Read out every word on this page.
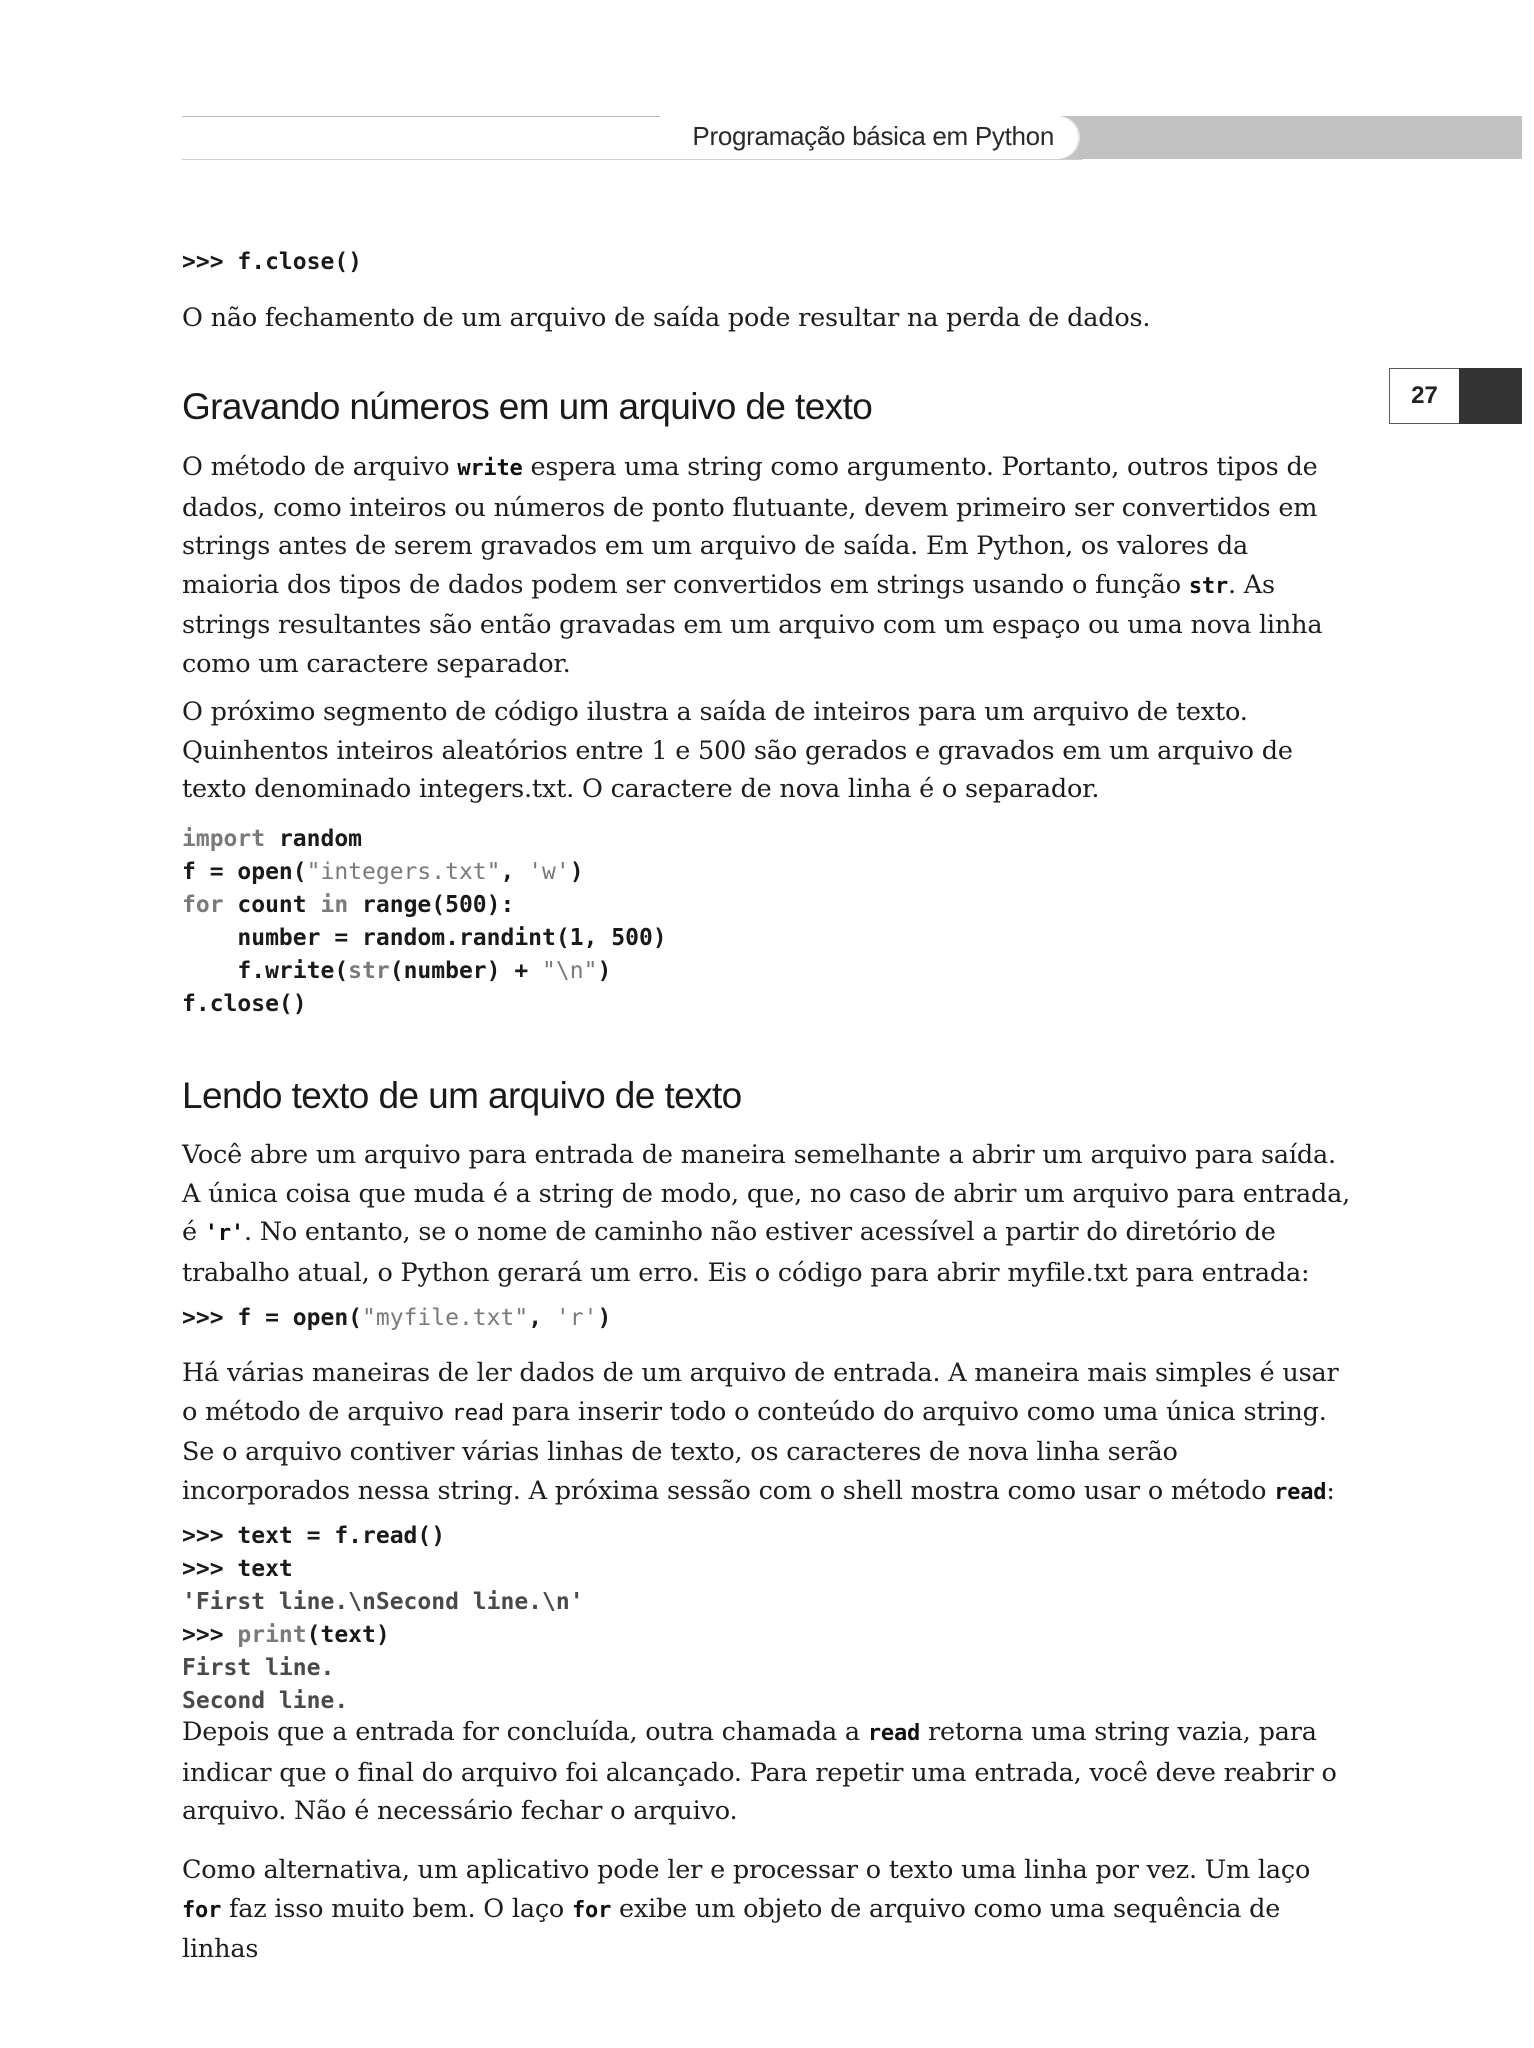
Programação básica em Python
27
>>> f.close()

O não fechamento de um arquivo de saída pode resultar na perda de dados.

Gravando números em um arquivo de texto

O método de arquivo write espera uma string como argumento. Portanto, outros tipos de dados, como inteiros ou números de ponto flutuante, devem primeiro ser convertidos em strings antes de serem gravados em um arquivo de saída. Em Python, os valores da maioria dos tipos de dados podem ser convertidos em strings usando o função str. As strings resultantes são então gravadas em um arquivo com um espaço ou uma nova linha como um caractere separador.

O próximo segmento de código ilustra a saída de inteiros para um arquivo de texto. Quinhentos inteiros aleatórios entre 1 e 500 são gerados e gravados em um arquivo de texto denominado integers.txt. O caractere de nova linha é o separador.

import random
f = open("integers.txt", 'w')
for count in range(500):
number = random.randint(1, 500)
f.write(str(number) + "\n")
f.close()
Lendo texto de um arquivo de texto

Você abre um arquivo para entrada de maneira semelhante a abrir um arquivo para saída. A única coisa que muda é a string de modo, que, no caso de abrir um arquivo para entrada, é 'r'. No entanto, se o nome de caminho não estiver acessível a partir do diretório de trabalho atual, o Python gerará um erro. Eis o código para abrir myfile.txt para entrada:

>>> f = open("myfile.txt", 'r')

Há várias maneiras de ler dados de um arquivo de entrada. A maneira mais simples é usar o método de arquivo read para inserir todo o conteúdo do arquivo como uma única string. Se o arquivo contiver várias linhas de texto, os caracteres de nova linha serão incorporados nessa string. A próxima sessão com o shell mostra como usar o método read:

>>> text = f.read()
>>> text
'First line.\nSecond line.\n'
>>> print(text)
First line.
Second line.

Depois que a entrada for concluída, outra chamada a read retorna uma string vazia, para indicar que o final do arquivo foi alcançado. Para repetir uma entrada, você deve reabrir o arquivo. Não é necessário fechar o arquivo.

Como alternativa, um aplicativo pode ler e processar o texto uma linha por vez. Um laço for faz isso muito bem. O laço for exibe um objeto de arquivo como uma sequência de linhas
